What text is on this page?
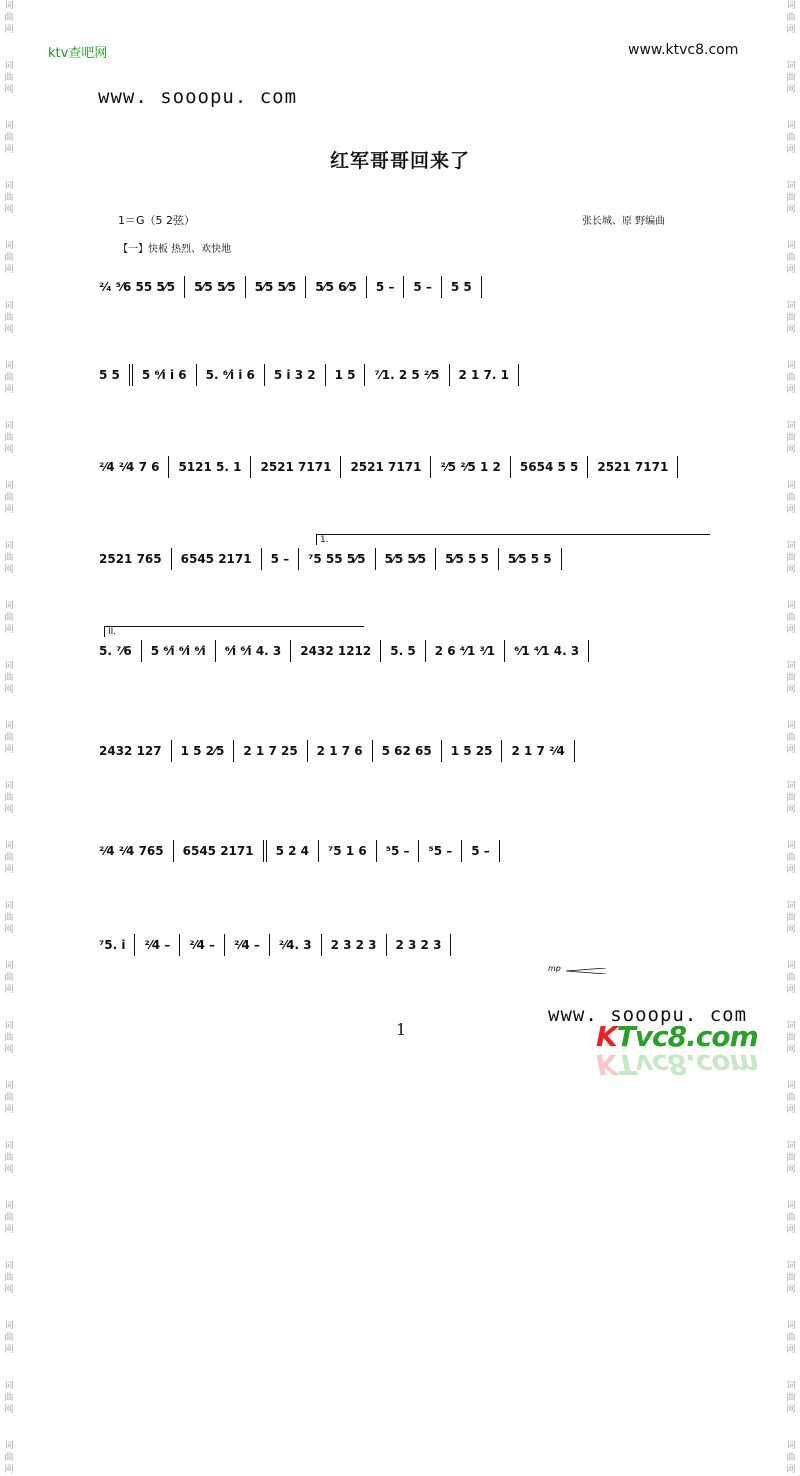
词
曲
网
词
曲
网
词
曲
网
词
曲
网
词
曲
网
词
曲
网
词
曲
网
词
曲
网
词
曲
网
词
曲
网
词
曲
网
词
曲
网
词
曲
网
词
曲
网
词
曲
网
词
曲
网
词
曲
网
词
曲
网
词
曲
网
词
曲
网
词
曲
网
词
曲
网
词
曲
网
词
曲
网
词
曲
网
词
曲
网
词
曲
网
词
曲
网
词
曲
网
词
曲
网
词
曲
网
词
曲
网
词
曲
网
词
曲
网
词
曲
网
词
曲
网
词
曲
网
词
曲
网
词
曲
网
词
曲
网
词
曲
网
词
曲
网
词
曲
网
词
曲
网
词
曲
网
词
曲
网
词
曲
网
词
曲
网
词
曲
网
词
曲
网
ktv查吧网	www.ktvc8.com
www. sooopu. com
红军哥哥回来了
1＝G（5 2弦）	张长城、原 野编曲
【一】快板 热烈、欢快地
²⁄₄ ⁵⁄6 55 5⁄5 5⁄5 5⁄5 5⁄5 5⁄5 5⁄5 6⁄5 5 – 5 – 5 5
5 5 5 ⁶⁄i i 6 5. ⁶⁄i i 6 5 i 3 2 1 5 ⁷⁄1. 2 5 ²⁄5 2 1 7. 1
²⁄4 ²⁄4 7 6 5121 5. 1 2521 7171 2521 7171 ²⁄5 ²⁄5 1 2 5654 5 5 2521 7171
2521 765 6545 2171 5 – ⁷5 55 5⁄5 5⁄5 5⁄5 5⁄5 5 5 5⁄5 5 5
1.
5. ⁷⁄6 5 ⁶⁄i ⁶⁄i ⁶⁄i ⁶⁄i ⁶⁄i 4. 3 2432 1212 5. 5 2 6 ⁴⁄1 ³⁄1 ⁶⁄1 ⁴⁄1 4. 3
II.
2432 127 1 5 2⁄5 2 1 7 25 2 1 7 6 5 62 65 1 5 25 2 1 7 ²⁄4
²⁄4 ²⁄4 765 6545 2171 5 2 4 ⁷5 1 6 ⁵5 – ⁵5 – 5 –
⁷5. i ²⁄4 – ²⁄4 – ²⁄4 – ²⁄4. 3 2 3 2 3 2 3 2 3
mp
1
www. sooopu. com
KTvc8.com
KTvc8.com
